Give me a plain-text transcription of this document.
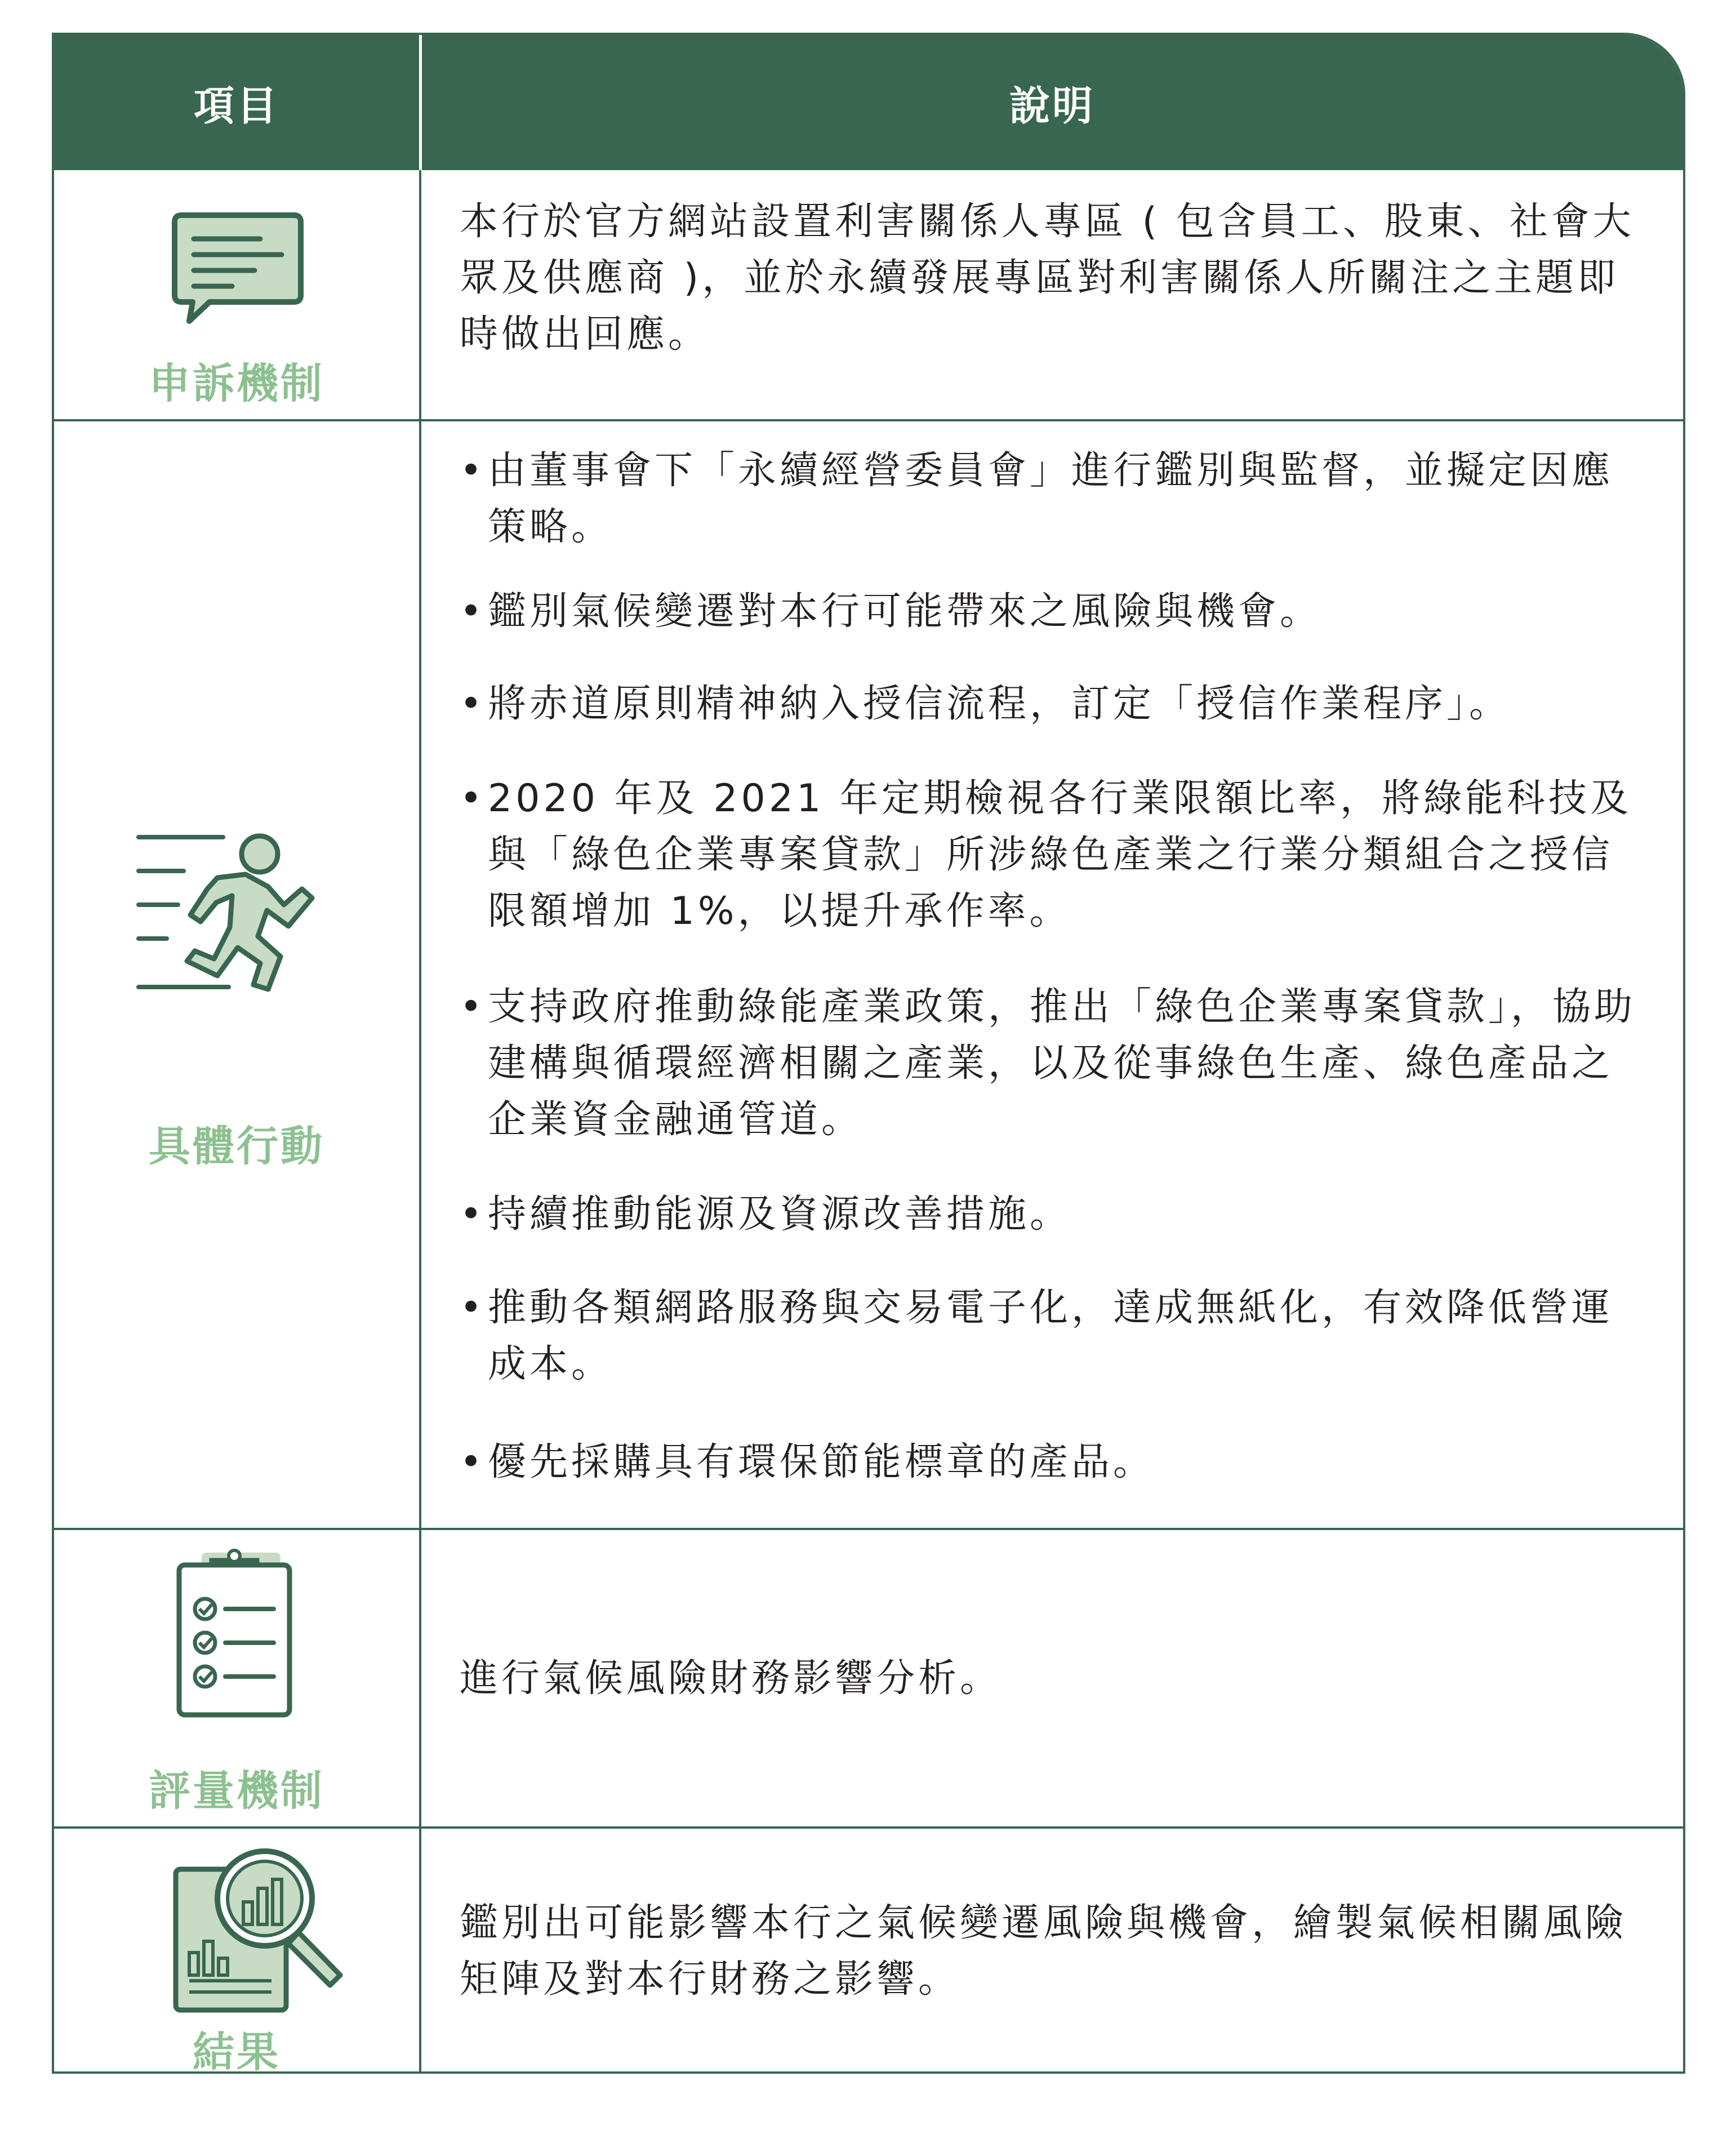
項目	說明
申訴機制
本行於官方網站設置利害關係人專區 ( 包含員工、股東、社會大眾及供應商 )，並於永續發展專區對利害關係人所關注之主題即時做出回應。
具體行動
• 由董事會下「永續經營委員會」進行鑑別與監督，並擬定因應策略。
• 鑑別氣候變遷對本行可能帶來之風險與機會。
• 將赤道原則精神納入授信流程，訂定「授信作業程序」。
• 2020 年及 2021 年定期檢視各行業限額比率，將綠能科技及與「綠色企業專案貸款」所涉綠色產業之行業分類組合之授信限額增加 1%，以提升承作率。
• 支持政府推動綠能產業政策，推出「綠色企業專案貸款」，協助建構與循環經濟相關之產業，以及從事綠色生產、綠色產品之企業資金融通管道。
• 持續推動能源及資源改善措施。
• 推動各類網路服務與交易電子化，達成無紙化，有效降低營運成本。
• 優先採購具有環保節能標章的產品。
評量機制
進行氣候風險財務影響分析。
結果
鑑別出可能影響本行之氣候變遷風險與機會，繪製氣候相關風險矩陣及對本行財務之影響。
